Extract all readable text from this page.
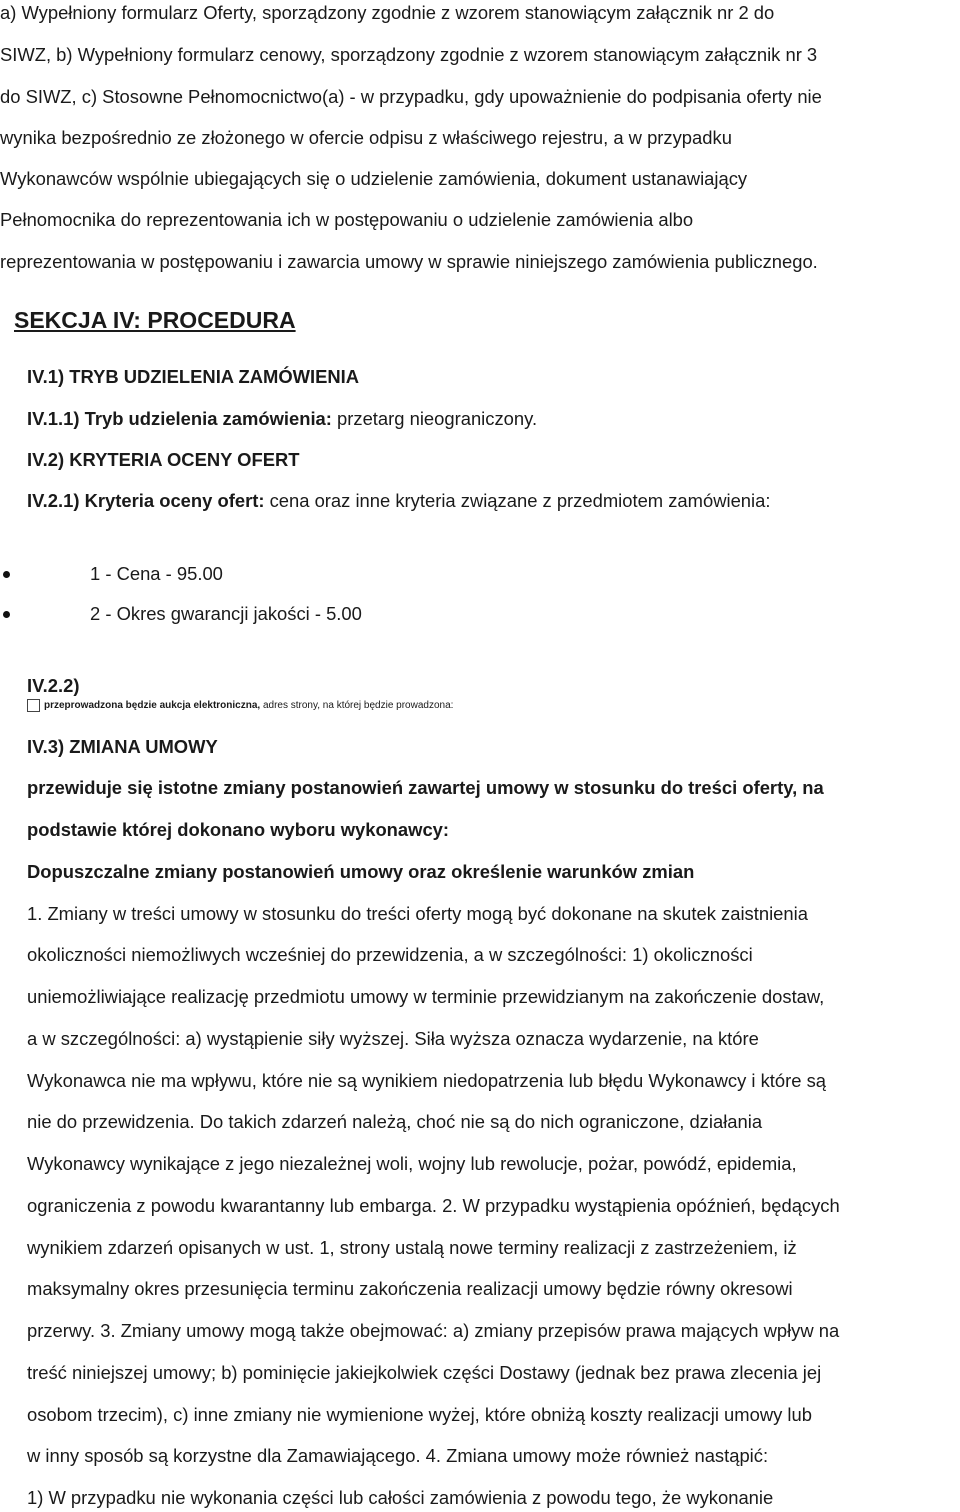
a) Wypełniony formularz Oferty, sporządzony zgodnie z wzorem stanowiącym załącznik nr 2 do
SIWZ, b) Wypełniony formularz cenowy, sporządzony zgodnie z wzorem stanowiącym załącznik nr 3
do SIWZ, c) Stosowne Pełnomocnictwo(a) - w przypadku, gdy upoważnienie do podpisania oferty nie
wynika bezpośrednio ze złożonego w ofercie odpisu z właściwego rejestru, a w przypadku
Wykonawców wspólnie ubiegających się o udzielenie zamówienia, dokument ustanawiający
Pełnomocnika do reprezentowania ich w postępowaniu o udzielenie zamówienia albo
reprezentowania w postępowaniu i zawarcia umowy w sprawie niniejszego zamówienia publicznego.
SEKCJA IV: PROCEDURA
IV.1) TRYB UDZIELENIA ZAMÓWIENIA
IV.1.1) Tryb udzielenia zamówienia: przetarg nieograniczony.
IV.2) KRYTERIA OCENY OFERT
IV.2.1) Kryteria oceny ofert: cena oraz inne kryteria związane z przedmiotem zamówienia:
1 - Cena - 95.00
2 - Okres gwarancji jakości - 5.00
IV.2.2)
przeprowadzona będzie aukcja elektroniczna, adres strony, na której będzie prowadzona:
IV.3) ZMIANA UMOWY
przewiduje się istotne zmiany postanowień zawartej umowy w stosunku do treści oferty, na
podstawie której dokonano wyboru wykonawcy:
Dopuszczalne zmiany postanowień umowy oraz określenie warunków zmian
1. Zmiany w treści umowy w stosunku do treści oferty mogą być dokonane na skutek zaistnienia
okoliczności niemożliwych wcześniej do przewidzenia, a w szczególności: 1) okoliczności
uniemożliwiające realizację przedmiotu umowy w terminie przewidzianym na zakończenie dostaw,
a w szczególności: a) wystąpienie siły wyższej. Siła wyższa oznacza wydarzenie, na które
Wykonawca nie ma wpływu, które nie są wynikiem niedopatrzenia lub błędu Wykonawcy i które są
nie do przewidzenia. Do takich zdarzeń należą, choć nie są do nich ograniczone, działania
Wykonawcy wynikające z jego niezależnej woli, wojny lub rewolucje, pożar, powódź, epidemia,
ograniczenia z powodu kwarantanny lub embarga. 2. W przypadku wystąpienia opóźnień, będących
wynikiem zdarzeń opisanych w ust. 1, strony ustalą nowe terminy realizacji z zastrzeżeniem, iż
maksymalny okres przesunięcia terminu zakończenia realizacji umowy będzie równy okresowi
przerwy. 3. Zmiany umowy mogą także obejmować: a) zmiany przepisów prawa mających wpływ na
treść niniejszej umowy; b) pominięcie jakiejkolwiek części Dostawy (jednak bez prawa zlecenia jej
osobom trzecim), c) inne zmiany nie wymienione wyżej, które obniżą koszty realizacji umowy lub
w inny sposób są korzystne dla Zamawiającego. 4. Zmiana umowy może również nastąpić:
1) W przypadku nie wykonania części lub całości zamówienia z powodu tego, że wykonanie
